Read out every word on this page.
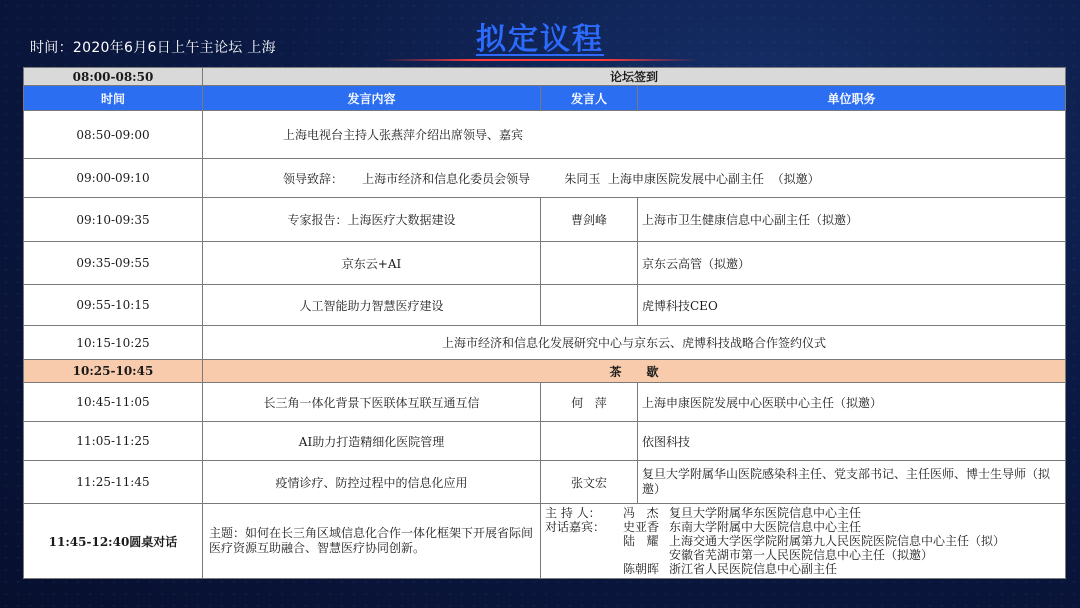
时间：2020年6月6日上午主论坛 上海	拟定议程
08:00-08:50	论坛签到		
时间	发言内容	发言人	单位职务
08:50-09:00	上海电视台主持人张燕萍介绍出席领导、嘉宾		
09:00-09:10	领导致辞：     上海市经济和信息化委员会领导         朱同玉  上海申康医院发展中心副主任  （拟邀）		
09:10-09:35	专家报告：上海医疗大数据建设	曹剑峰	上海市卫生健康信息中心副主任（拟邀）
09:35-09:55	京东云+AI		京东云高管（拟邀）
09:55-10:15	人工智能助力智慧医疗建设		虎博科技CEO
10:15-10:25	上海市经济和信息化发展研究中心与京东云、虎博科技战略合作签约仪式		
10:25-10:45	茶      歇		
10:45-11:05	长三角一体化背景下医联体互联互通互信	何   萍	上海申康医院发展中心医联中心主任（拟邀）
11:05-11:25	AI助力打造精细化医院管理		依图科技
11:25-11:45	疫情诊疗、防控过程中的信息化应用	张文宏	复旦大学附属华山医院感染科主任、党支部书记、主任医师、博士生导师（拟邀）
11:45-12:40圆桌对话	主题：如何在长三角区域信息化合作一体化框架下开展省际间医疗资源互助融合、智慧医疗协同创新。	主 持 人： 冯   杰 复旦大学附属华东医院信息中心主任
对话嘉宾： 史亚香 东南大学附属中大医院信息中心主任
陆   耀 上海交通大学医学院附属第九人民医院医院信息中心主任（拟）
安徽省芜湖市第一人民医院信息中心主任（拟邀）
陈朝晖 浙江省人民医院信息中心副主任	
